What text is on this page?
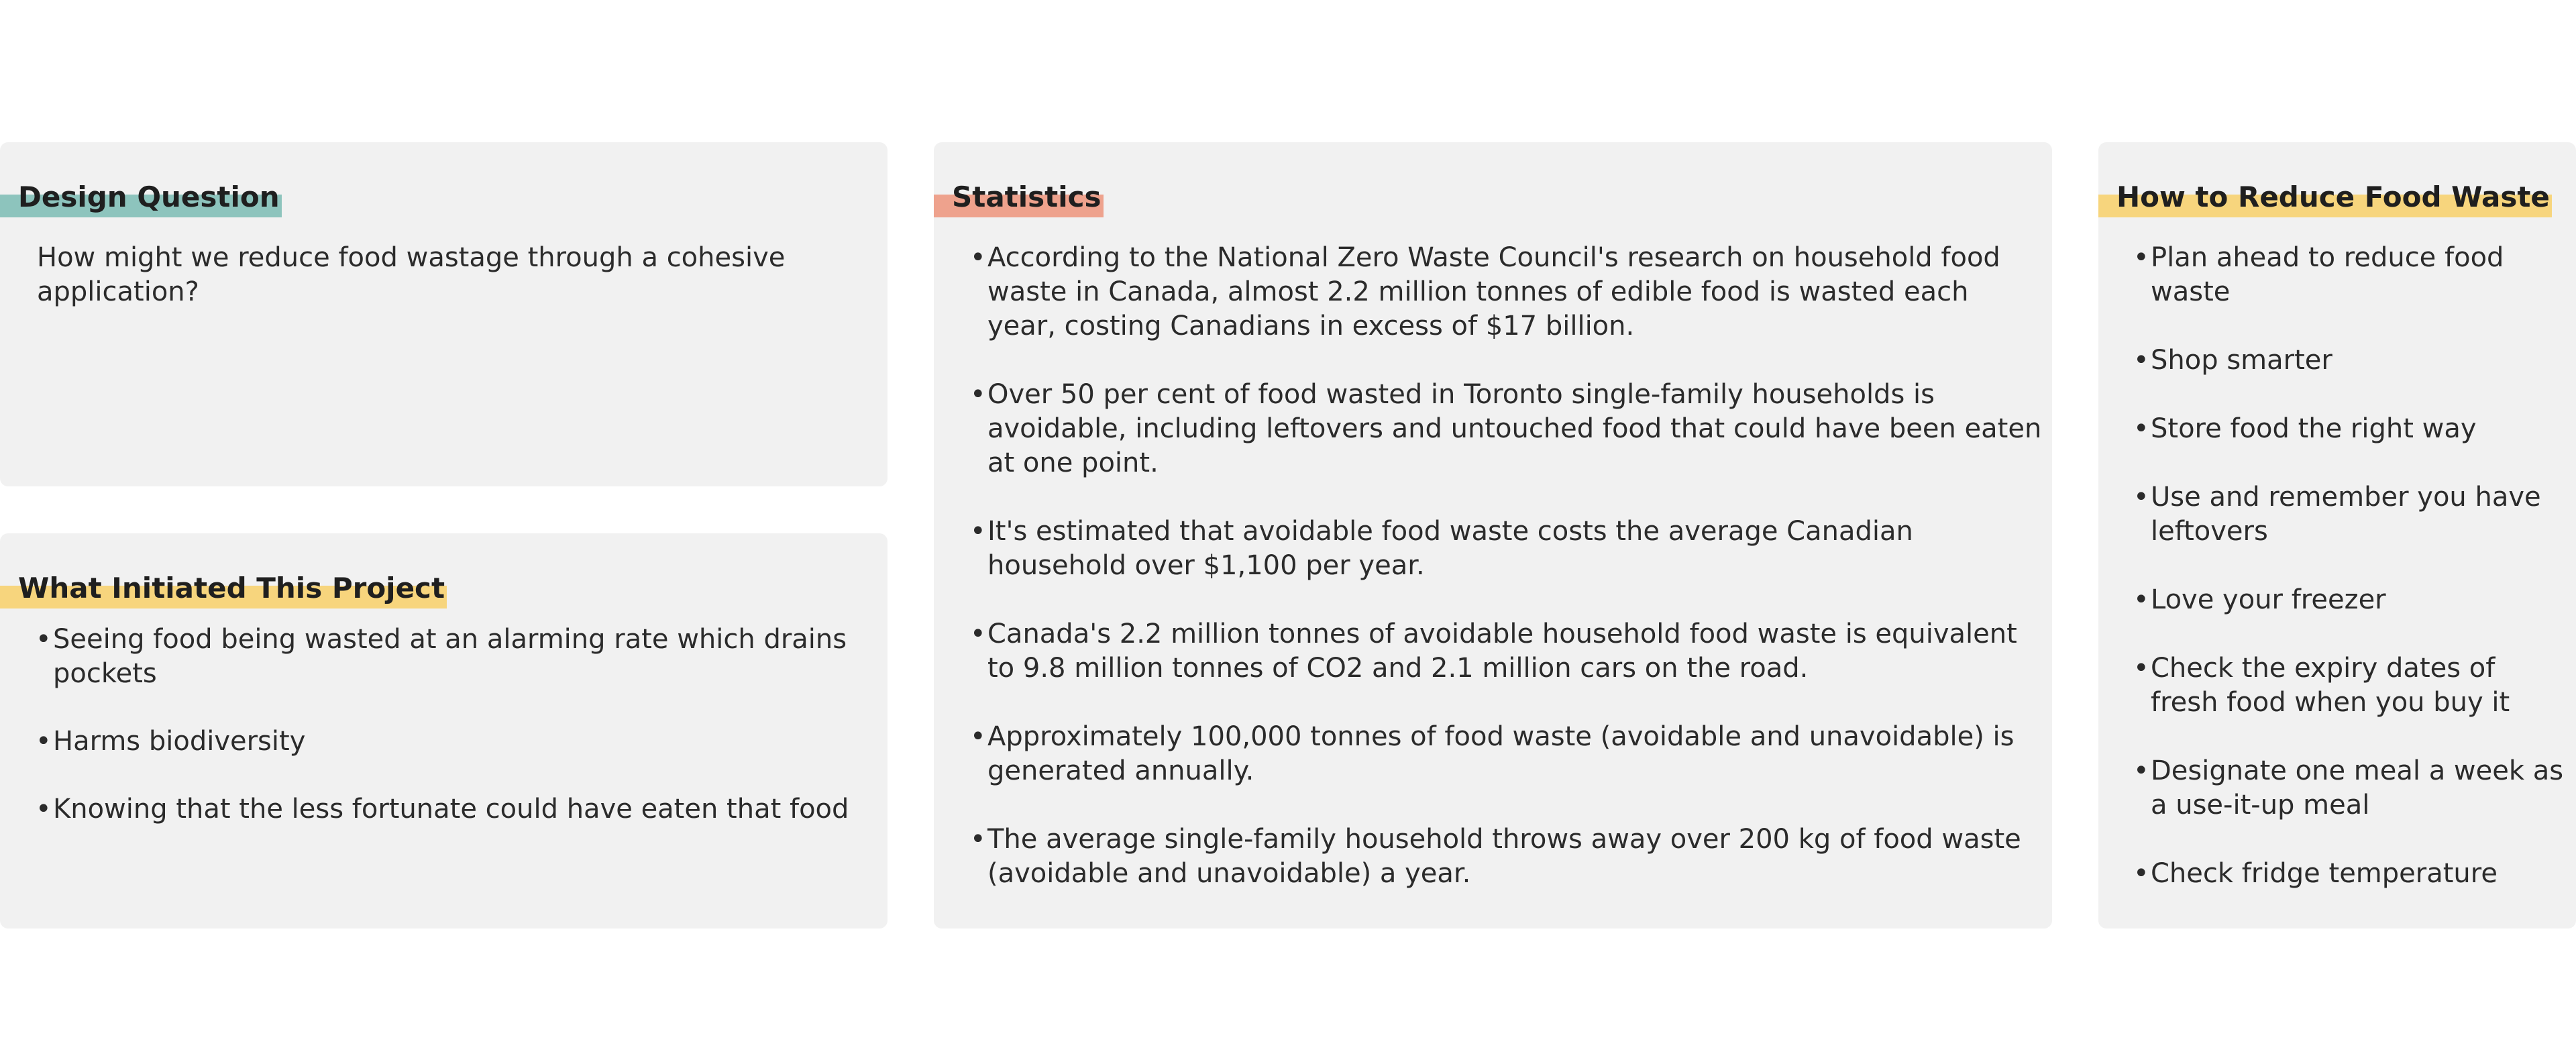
Design Question
How might we reduce food wastage through a cohesive application?
What Initiated This Project
• Seeing food being wasted at an alarming rate which drains pockets
• Harms biodiversity
• Knowing that the less fortunate could have eaten that food
Statistics
• According to the National Zero Waste Council's research on household food waste in Canada, almost 2.2 million tonnes of edible food is wasted each year, costing Canadians in excess of $17 billion.
• Over 50 per cent of food wasted in Toronto single-family households is avoidable, including leftovers and untouched food that could have been eaten at one point.
• It's estimated that avoidable food waste costs the average Canadian household over $1,100 per year.
• Canada's 2.2 million tonnes of avoidable household food waste is equivalent to 9.8 million tonnes of CO2 and 2.1 million cars on the road.
• Approximately 100,000 tonnes of food waste (avoidable and unavoidable) is generated annually.
• The average single-family household throws away over 200 kg of food waste (avoidable and unavoidable) a year.
How to Reduce Food Waste
• Plan ahead to reduce food waste
• Shop smarter
• Store food the right way
• Use and remember you have leftovers
• Love your freezer
• Check the expiry dates of fresh food when you buy it
• Designate one meal a week as a use-it-up meal
• Check fridge temperature
